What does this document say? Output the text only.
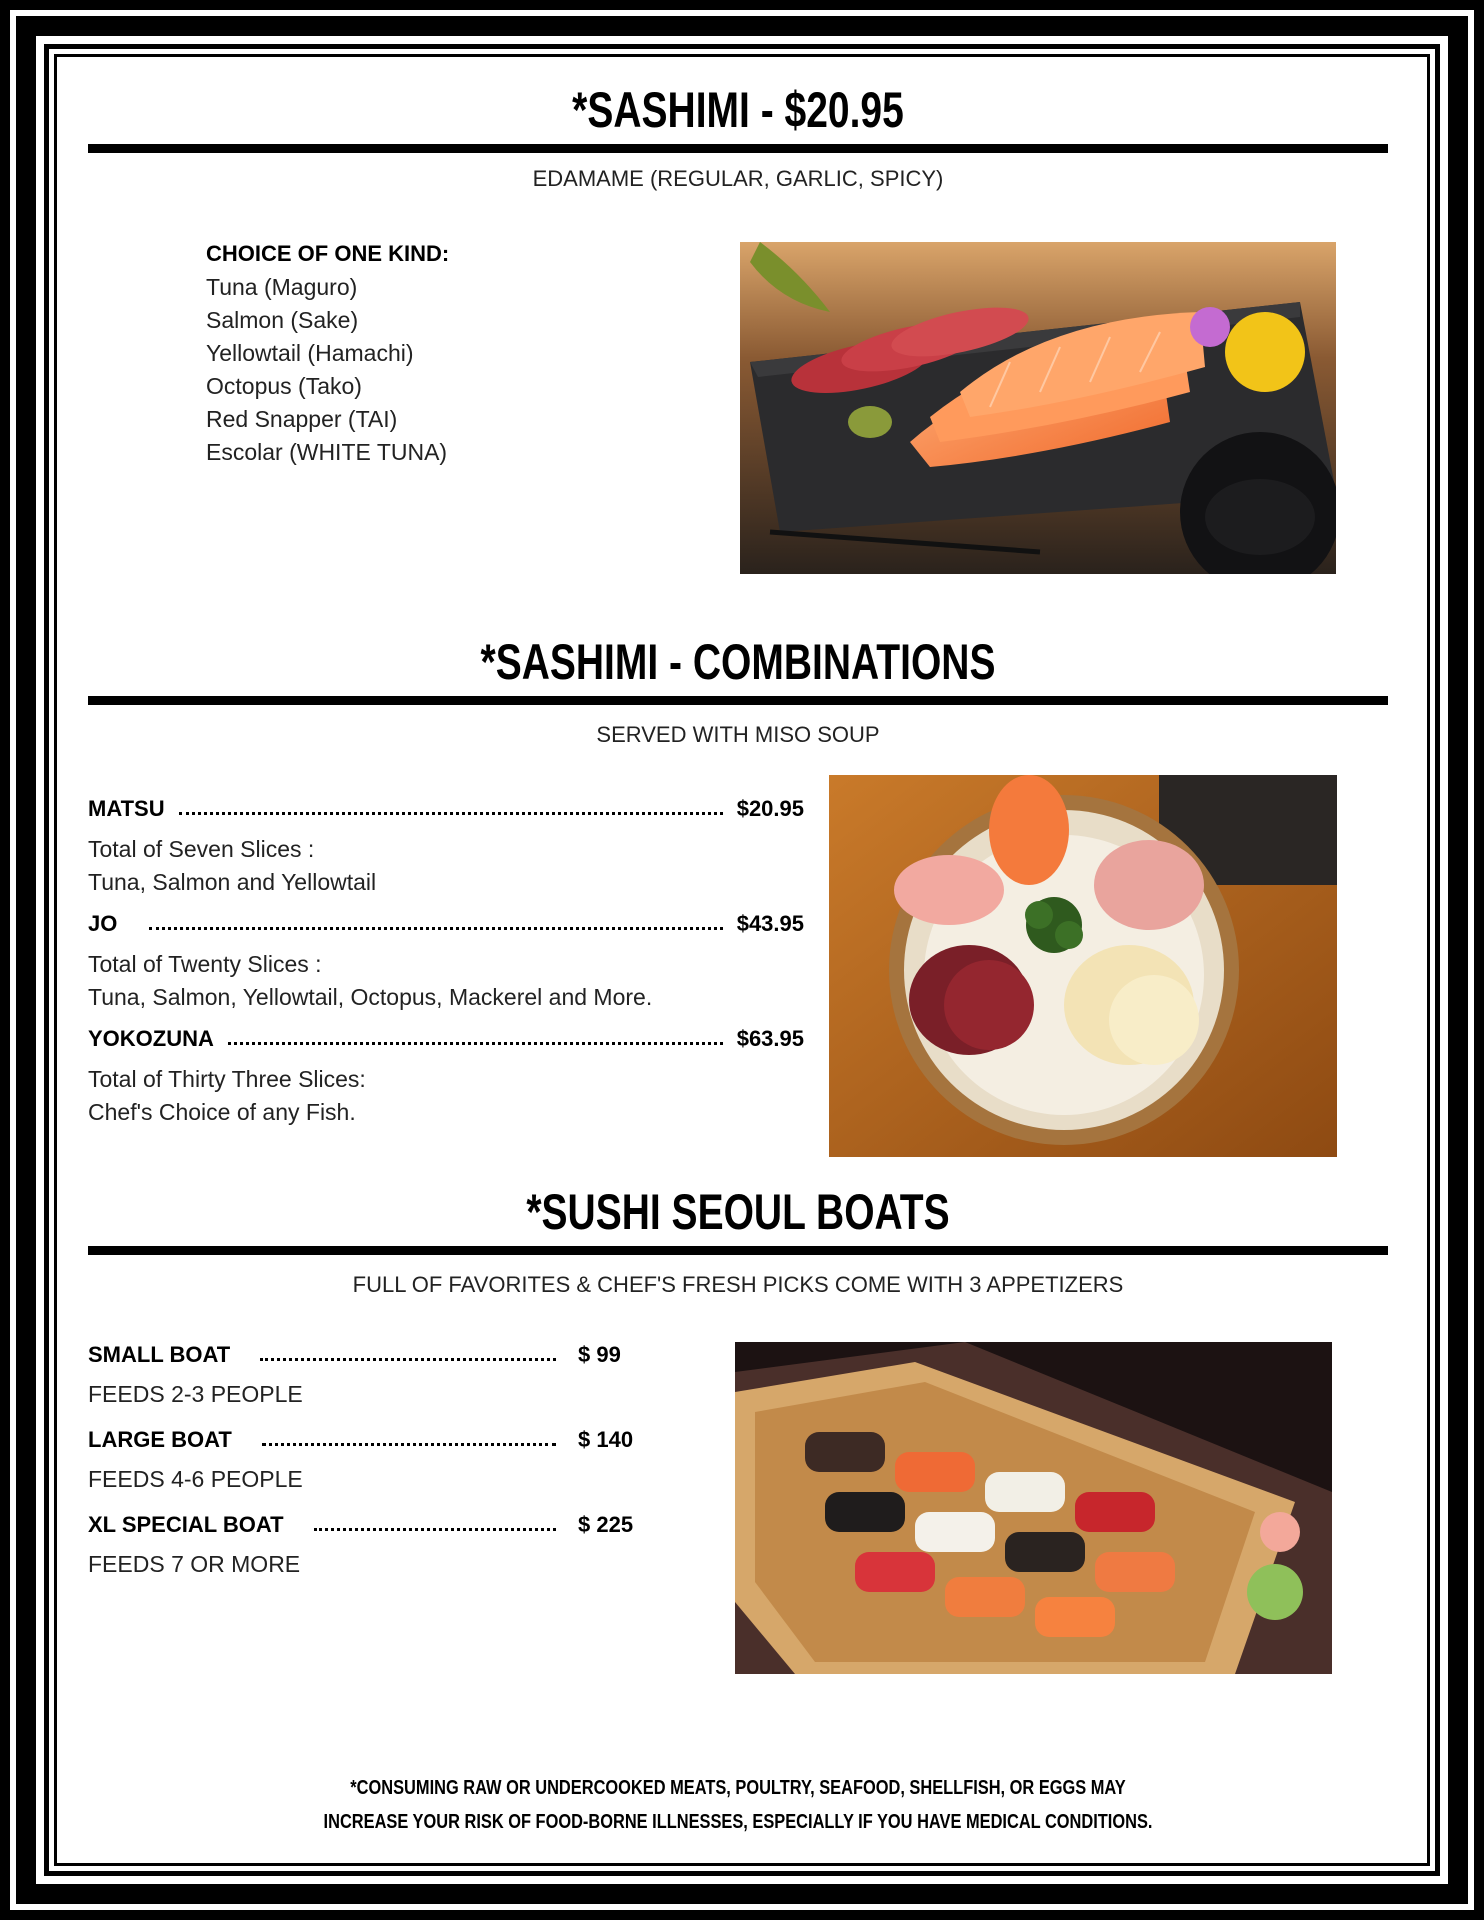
*SASHIMI - $20.95
EDAMAME (REGULAR, GARLIC, SPICY)
CHOICE OF ONE KIND:
Tuna (Maguro)
Salmon (Sake)
Yellowtail (Hamachi)
Octopus (Tako)
Red Snapper (TAI)
Escolar (WHITE TUNA)
*SASHIMI - COMBINATIONS
SERVED WITH MISO SOUP
MATSU	$20.95
Total of Seven Slices :
Tuna, Salmon and Yellowtail
JO	$43.95
Total of Twenty Slices :
Tuna, Salmon, Yellowtail, Octopus, Mackerel and More.
YOKOZUNA	$63.95
Total of Thirty Three Slices:
Chef's Choice of any Fish.
*SUSHI SEOUL BOATS
FULL OF FAVORITES & CHEF'S FRESH PICKS COME WITH 3 APPETIZERS
SMALL BOAT	$ 99
FEEDS 2-3 PEOPLE
LARGE BOAT	$ 140
FEEDS 4-6 PEOPLE
XL SPECIAL BOAT	$ 225
FEEDS 7 OR MORE
*CONSUMING RAW OR UNDERCOOKED MEATS, POULTRY, SEAFOOD, SHELLFISH, OR EGGS MAY
INCREASE YOUR RISK OF FOOD-BORNE ILLNESSES, ESPECIALLY IF YOU HAVE MEDICAL CONDITIONS.
